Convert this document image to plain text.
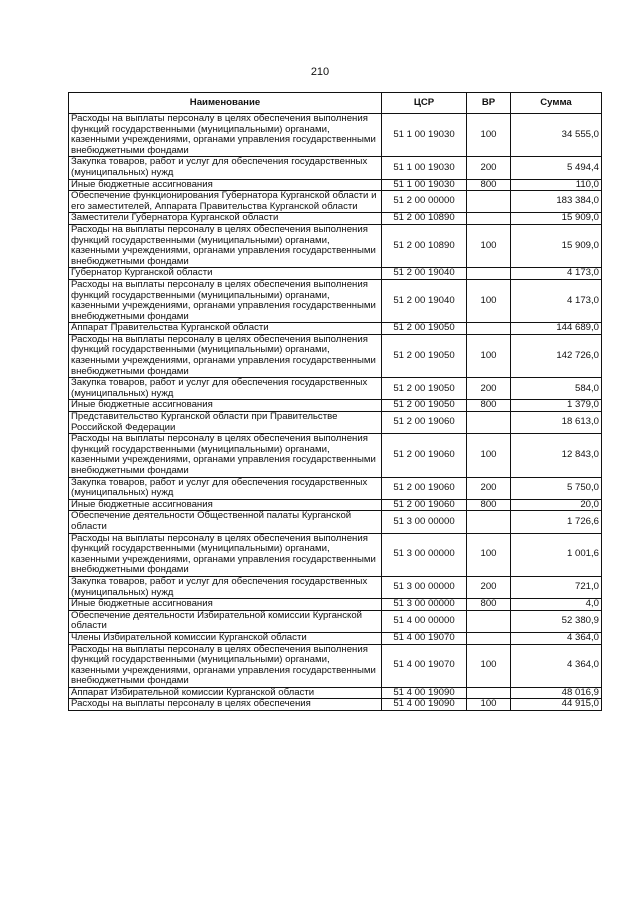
210
Наименование	ЦСР	ВР	Сумма
Расходы на выплаты персоналу в целях обеспечения выполнения функций государственными (муниципальными) органами, казенными учреждениями, органами управления государственными внебюджетными фондами	51 1 00 19030	100	34 555,0
Закупка товаров, работ и услуг для обеспечения государственных (муниципальных) нужд	51 1 00 19030	200	5 494,4
Иные бюджетные ассигнования	51 1 00 19030	800	110,0
Обеспечение функционирования Губернатора Курганской области и его заместителей, Аппарата Правительства Курганской области	51 2 00 00000		183 384,0
Заместители Губернатора Курганской области	51 2 00 10890		15 909,0
Расходы на выплаты персоналу в целях обеспечения выполнения функций государственными (муниципальными) органами, казенными учреждениями, органами управления государственными внебюджетными фондами	51 2 00 10890	100	15 909,0
Губернатор Курганской области	51 2 00 19040		4 173,0
Расходы на выплаты персоналу в целях обеспечения выполнения функций государственными (муниципальными) органами, казенными учреждениями, органами управления государственными внебюджетными фондами	51 2 00 19040	100	4 173,0
Аппарат Правительства Курганской области	51 2 00 19050		144 689,0
Расходы на выплаты персоналу в целях обеспечения выполнения функций государственными (муниципальными) органами, казенными учреждениями, органами управления государственными внебюджетными фондами	51 2 00 19050	100	142 726,0
Закупка товаров, работ и услуг для обеспечения государственных (муниципальных) нужд	51 2 00 19050	200	584,0
Иные бюджетные ассигнования	51 2 00 19050	800	1 379,0
Представительство Курганской области при Правительстве Российской Федерации	51 2 00 19060		18 613,0
Расходы на выплаты персоналу в целях обеспечения выполнения функций государственными (муниципальными) органами, казенными учреждениями, органами управления государственными внебюджетными фондами	51 2 00 19060	100	12 843,0
Закупка товаров, работ и услуг для обеспечения государственных (муниципальных) нужд	51 2 00 19060	200	5 750,0
Иные бюджетные ассигнования	51 2 00 19060	800	20,0
Обеспечение деятельности Общественной палаты Курганской области	51 3 00 00000		1 726,6
Расходы на выплаты персоналу в целях обеспечения выполнения функций государственными (муниципальными) органами, казенными учреждениями, органами управления государственными внебюджетными фондами	51 3 00 00000	100	1 001,6
Закупка товаров, работ и услуг для обеспечения государственных (муниципальных) нужд	51 3 00 00000	200	721,0
Иные бюджетные ассигнования	51 3 00 00000	800	4,0
Обеспечение деятельности Избирательной комиссии Курганской области	51 4 00 00000		52 380,9
Члены Избирательной комиссии Курганской области	51 4 00 19070		4 364,0
Расходы на выплаты персоналу в целях обеспечения выполнения функций государственными (муниципальными) органами, казенными учреждениями, органами управления государственными внебюджетными фондами	51 4 00 19070	100	4 364,0
Аппарат Избирательной комиссии Курганской области	51 4 00 19090		48 016,9
Расходы на выплаты персоналу в целях обеспечения	51 4 00 19090	100	44 915,0
